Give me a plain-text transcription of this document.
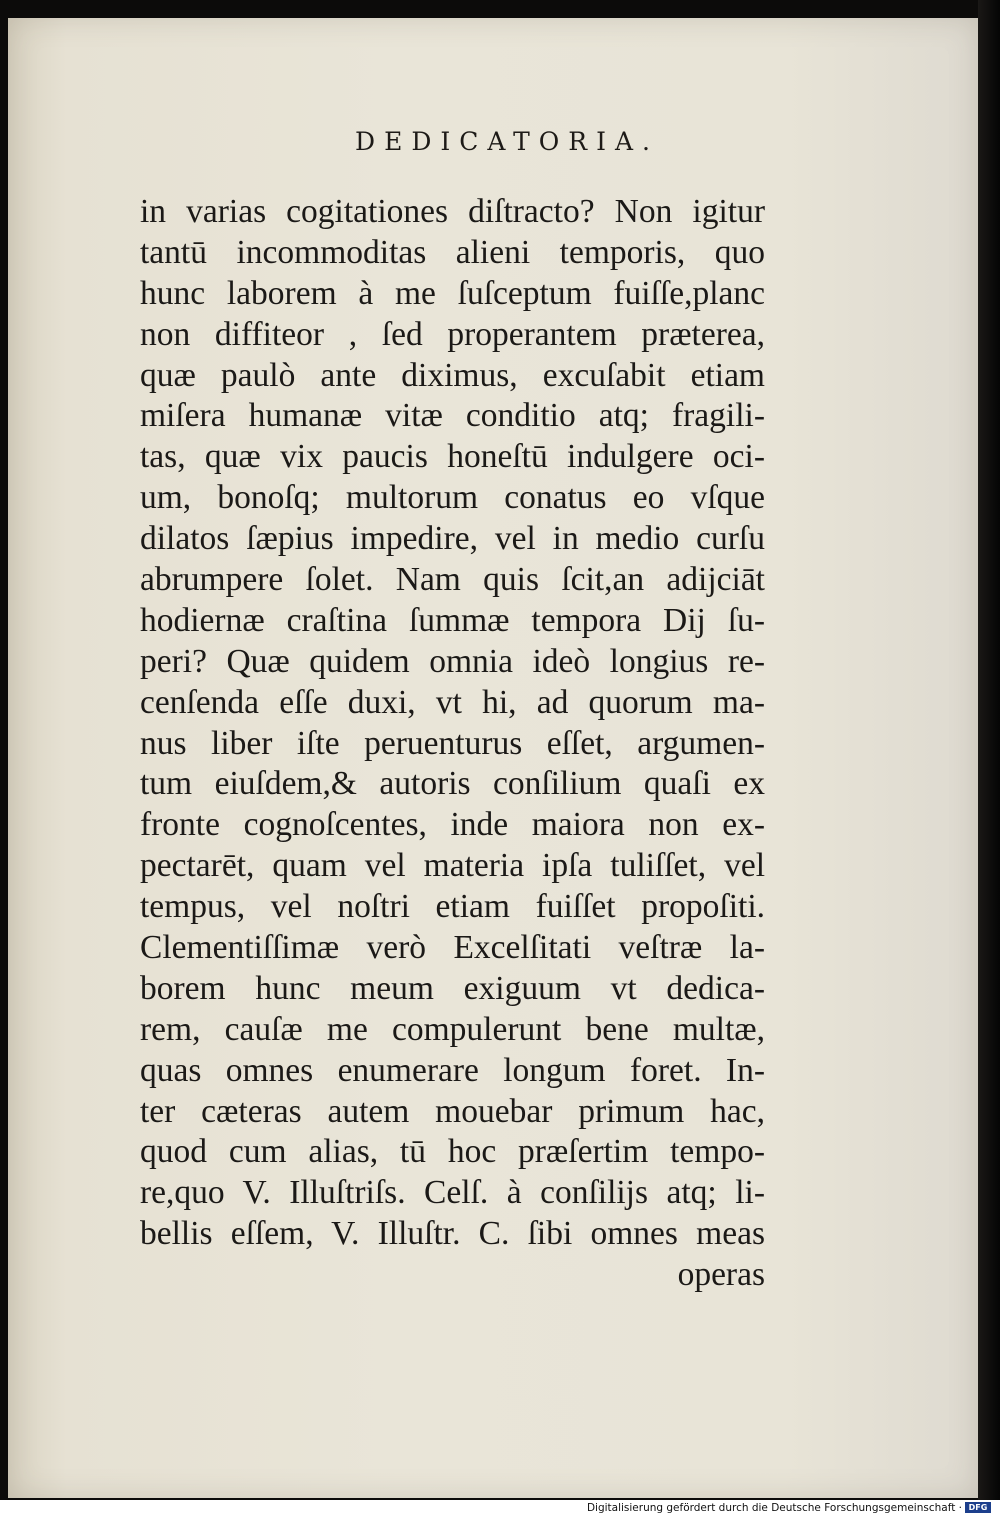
DEDICATORIA.
in varias cogitationes diſtracto? Non igitur
tantū incommoditas alieni temporis, quo
hunc laborem à me ſuſceptum fuiſſe,planc
non diffiteor , ſed properantem præterea,
quæ paulò ante diximus, excuſabit etiam
miſera humanæ vitæ conditio atq; fragili-
tas, quæ vix paucis honeſtū indulgere oci-
um, bonoſq; multorum conatus eo vſque
dilatos ſæpius impedire, vel in medio curſu
abrumpere ſolet. Nam quis ſcit,an adijciāt
hodiernæ craſtina ſummæ tempora Dij ſu-
peri? Quæ quidem omnia ideò longius re-
cenſenda eſſe duxi, vt hi, ad quorum ma-
nus liber iſte peruenturus eſſet, argumen-
tum eiuſdem,& autoris conſilium quaſi ex
fronte cognoſcentes, inde maiora non ex-
pectarēt, quam vel materia ipſa tuliſſet, vel
tempus, vel noſtri etiam fuiſſet propoſiti.
Clementiſſimæ verò Excelſitati veſtræ la-
borem hunc meum exiguum vt dedica-
rem, cauſæ me compulerunt bene multæ,
quas omnes enumerare longum foret. In-
ter cæteras autem mouebar primum hac,
quod cum alias, tū hoc præſertim tempo-
re,quo V. Illuſtriſs. Celſ. à conſilijs atq; li-
bellis eſſem, V. Illuſtr. C. ſibi omnes meas
operas
Digitalisierung gefördert durch die Deutsche Forschungsgemeinschaft · DFG
